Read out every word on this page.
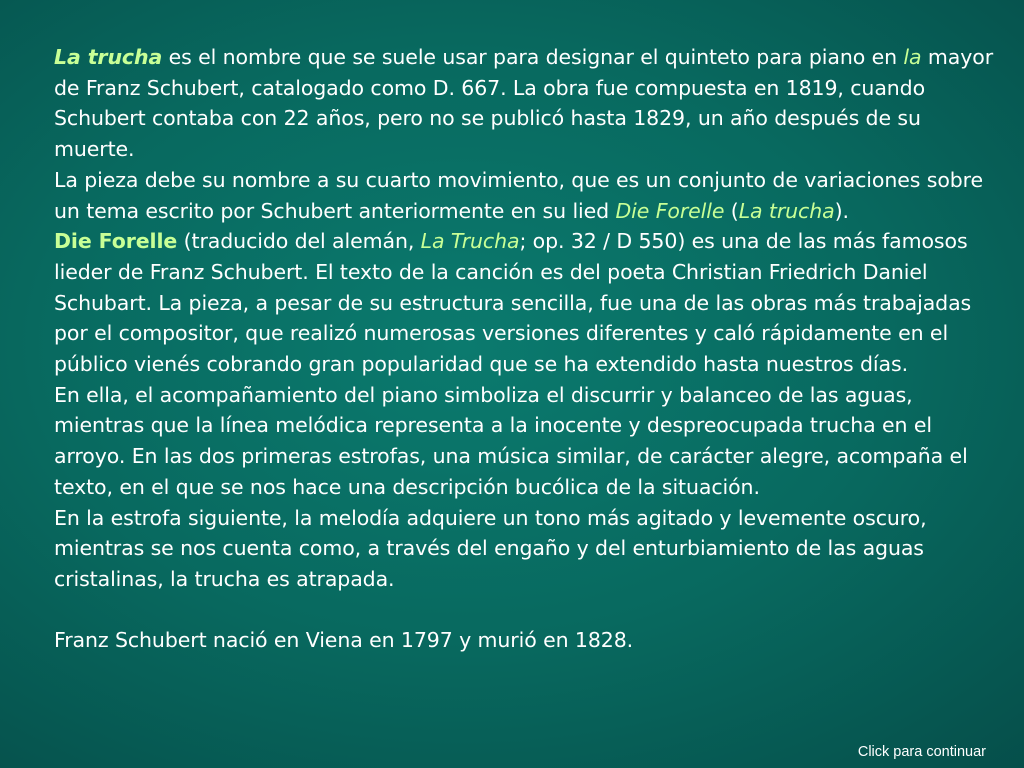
La trucha es el nombre que se suele usar para designar el quinteto para piano en la mayor de Franz Schubert, catalogado como D. 667. La obra fue compuesta en 1819, cuando Schubert contaba con 22 años, pero no se publicó hasta 1829, un año después de su muerte.

La pieza debe su nombre a su cuarto movimiento, que es un conjunto de variaciones sobre un tema escrito por Schubert anteriormente en su lied Die Forelle (La trucha).

Die Forelle (traducido del alemán, La Trucha; op. 32 / D 550) es una de las más famosos lieder de Franz Schubert. El texto de la canción es del poeta Christian Friedrich Daniel Schubart. La pieza, a pesar de su estructura sencilla, fue una de las obras más trabajadas por el compositor, que realizó numerosas versiones diferentes y caló rápidamente en el público vienés cobrando gran popularidad que se ha extendido hasta nuestros días.

En ella, el acompañamiento del piano simboliza el discurrir y balanceo de las aguas, mientras que la línea melódica representa a la inocente y despreocupada trucha en el arroyo. En las dos primeras estrofas, una música similar, de carácter alegre, acompaña el texto, en el que se nos hace una descripción bucólica de la situación.

En la estrofa siguiente, la melodía adquiere un tono más agitado y levemente oscuro, mientras se nos cuenta como, a través del engaño y del enturbiamiento de las aguas cristalinas, la trucha es atrapada.

Franz Schubert nació en Viena en 1797 y murió en 1828.

Click para continuar
